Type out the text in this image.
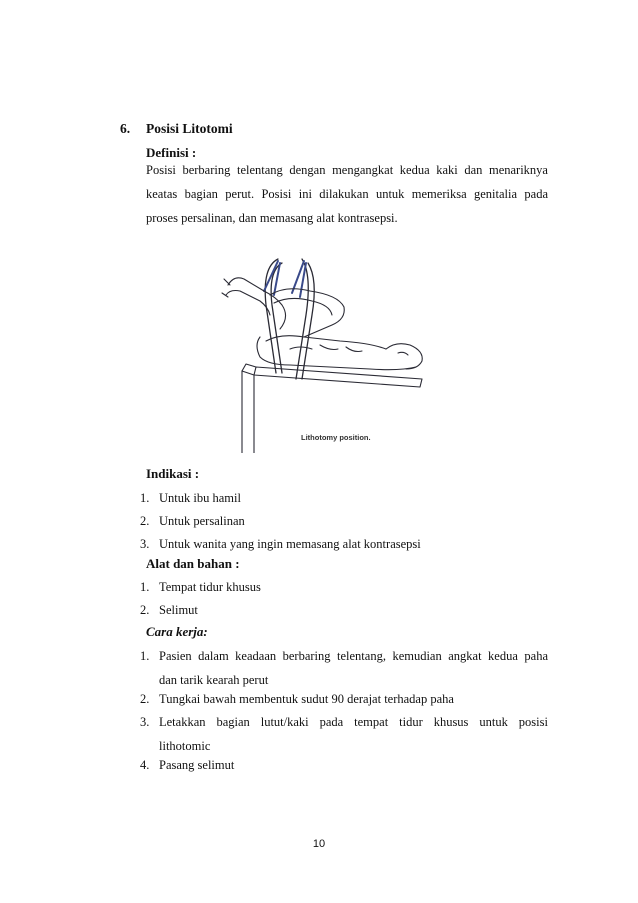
6. Posisi Litotomi
Definisi :
Posisi berbaring telentang dengan mengangkat kedua kaki dan menariknya
keatas bagian perut. Posisi ini dilakukan untuk memeriksa genitalia pada
proses persalinan, dan memasang alat kontrasepsi.
Lithotomy position.
Indikasi :
1. Untuk ibu hamil
2. Untuk persalinan
3. Untuk wanita yang ingin memasang alat kontrasepsi
Alat dan bahan :
1. Tempat tidur khusus
2. Selimut
Cara kerja:
1. Pasien dalam keadaan berbaring telentang, kemudian angkat kedua paha
dan tarik kearah perut
2. Tungkai bawah membentuk sudut 90 derajat terhadap paha
3. Letakkan bagian lutut/kaki pada tempat tidur khusus untuk posisi
lithotomic
4. Pasang selimut
10
